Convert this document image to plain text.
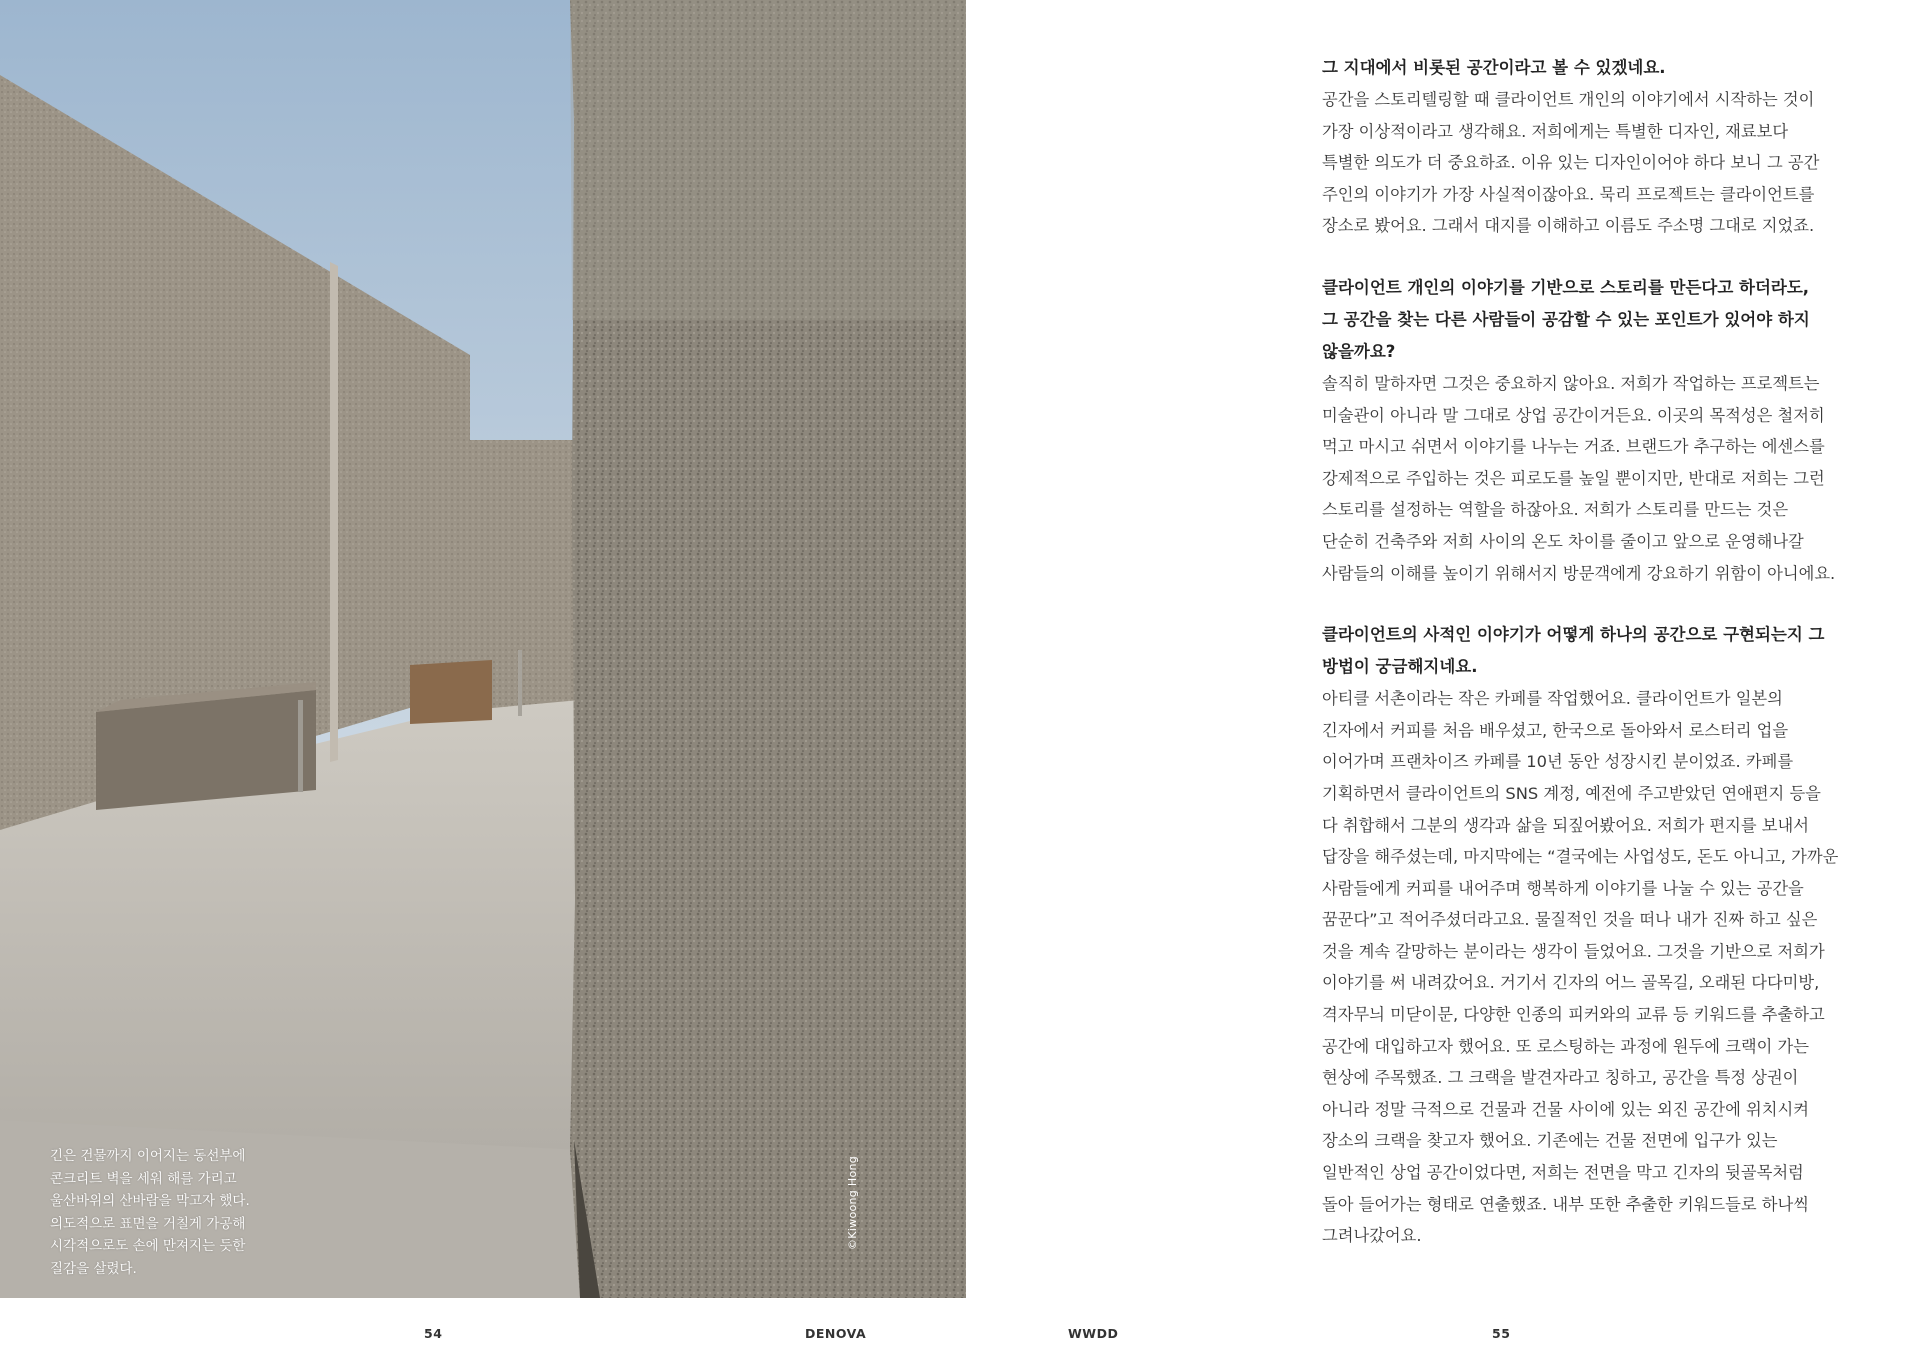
긴은 건물까지 이어지는 동선부에
콘크리트 벽을 세워 해를 가리고
울산바위의 산바람을 막고자 했다.
의도적으로 표면을 거칠게 가공해
시각적으로도 손에 만져지는 듯한
질감을 살렸다.
©Kiwoong Hong
그 지대에서 비롯된 공간이라고 볼 수 있겠네요.
공간을 스토리텔링할 때 클라이언트 개인의 이야기에서 시작하는 것이
가장 이상적이라고 생각해요. 저희에게는 특별한 디자인, 재료보다
특별한 의도가 더 중요하죠. 이유 있는 디자인이어야 하다 보니 그 공간
주인의 이야기가 가장 사실적이잖아요. 묵리 프로젝트는 클라이언트를
장소로 봤어요. 그래서 대지를 이해하고 이름도 주소명 그대로 지었죠.
클라이언트 개인의 이야기를 기반으로 스토리를 만든다고 하더라도,
그 공간을 찾는 다른 사람들이 공감할 수 있는 포인트가 있어야 하지
않을까요?
솔직히 말하자면 그것은 중요하지 않아요. 저희가 작업하는 프로젝트는
미술관이 아니라 말 그대로 상업 공간이거든요. 이곳의 목적성은 철저히
먹고 마시고 쉬면서 이야기를 나누는 거죠. 브랜드가 추구하는 에센스를
강제적으로 주입하는 것은 피로도를 높일 뿐이지만, 반대로 저희는 그런
스토리를 설정하는 역할을 하잖아요. 저희가 스토리를 만드는 것은
단순히 건축주와 저희 사이의 온도 차이를 줄이고 앞으로 운영해나갈
사람들의 이해를 높이기 위해서지 방문객에게 강요하기 위함이 아니에요.
클라이언트의 사적인 이야기가 어떻게 하나의 공간으로 구현되는지 그
방법이 궁금해지네요.
아티클 서촌이라는 작은 카페를 작업했어요. 클라이언트가 일본의
긴자에서 커피를 처음 배우셨고, 한국으로 돌아와서 로스터리 업을
이어가며 프랜차이즈 카페를 10년 동안 성장시킨 분이었죠. 카페를
기획하면서 클라이언트의 SNS 계정, 예전에 주고받았던 연애편지 등을
다 취합해서 그분의 생각과 삶을 되짚어봤어요. 저희가 편지를 보내서
답장을 해주셨는데, 마지막에는 “결국에는 사업성도, 돈도 아니고, 가까운
사람들에게 커피를 내어주며 행복하게 이야기를 나눌 수 있는 공간을
꿈꾼다”고 적어주셨더라고요. 물질적인 것을 떠나 내가 진짜 하고 싶은
것을 계속 갈망하는 분이라는 생각이 들었어요. 그것을 기반으로 저희가
이야기를 써 내려갔어요. 거기서 긴자의 어느 골목길, 오래된 다다미방,
격자무늬 미닫이문, 다양한 인종의 피커와의 교류 등 키워드를 추출하고
공간에 대입하고자 했어요. 또 로스팅하는 과정에 원두에 크랙이 가는
현상에 주목했죠. 그 크랙을 발견자라고 칭하고, 공간을 특정 상권이
아니라 정말 극적으로 건물과 건물 사이에 있는 외진 공간에 위치시켜
장소의 크랙을 찾고자 했어요. 기존에는 건물 전면에 입구가 있는
일반적인 상업 공간이었다면, 저희는 전면을 막고 긴자의 뒷골목처럼
돌아 들어가는 형태로 연출했죠. 내부 또한 추출한 키워드들로 하나씩
그려나갔어요.
54	DENOVA	WWDD	55
